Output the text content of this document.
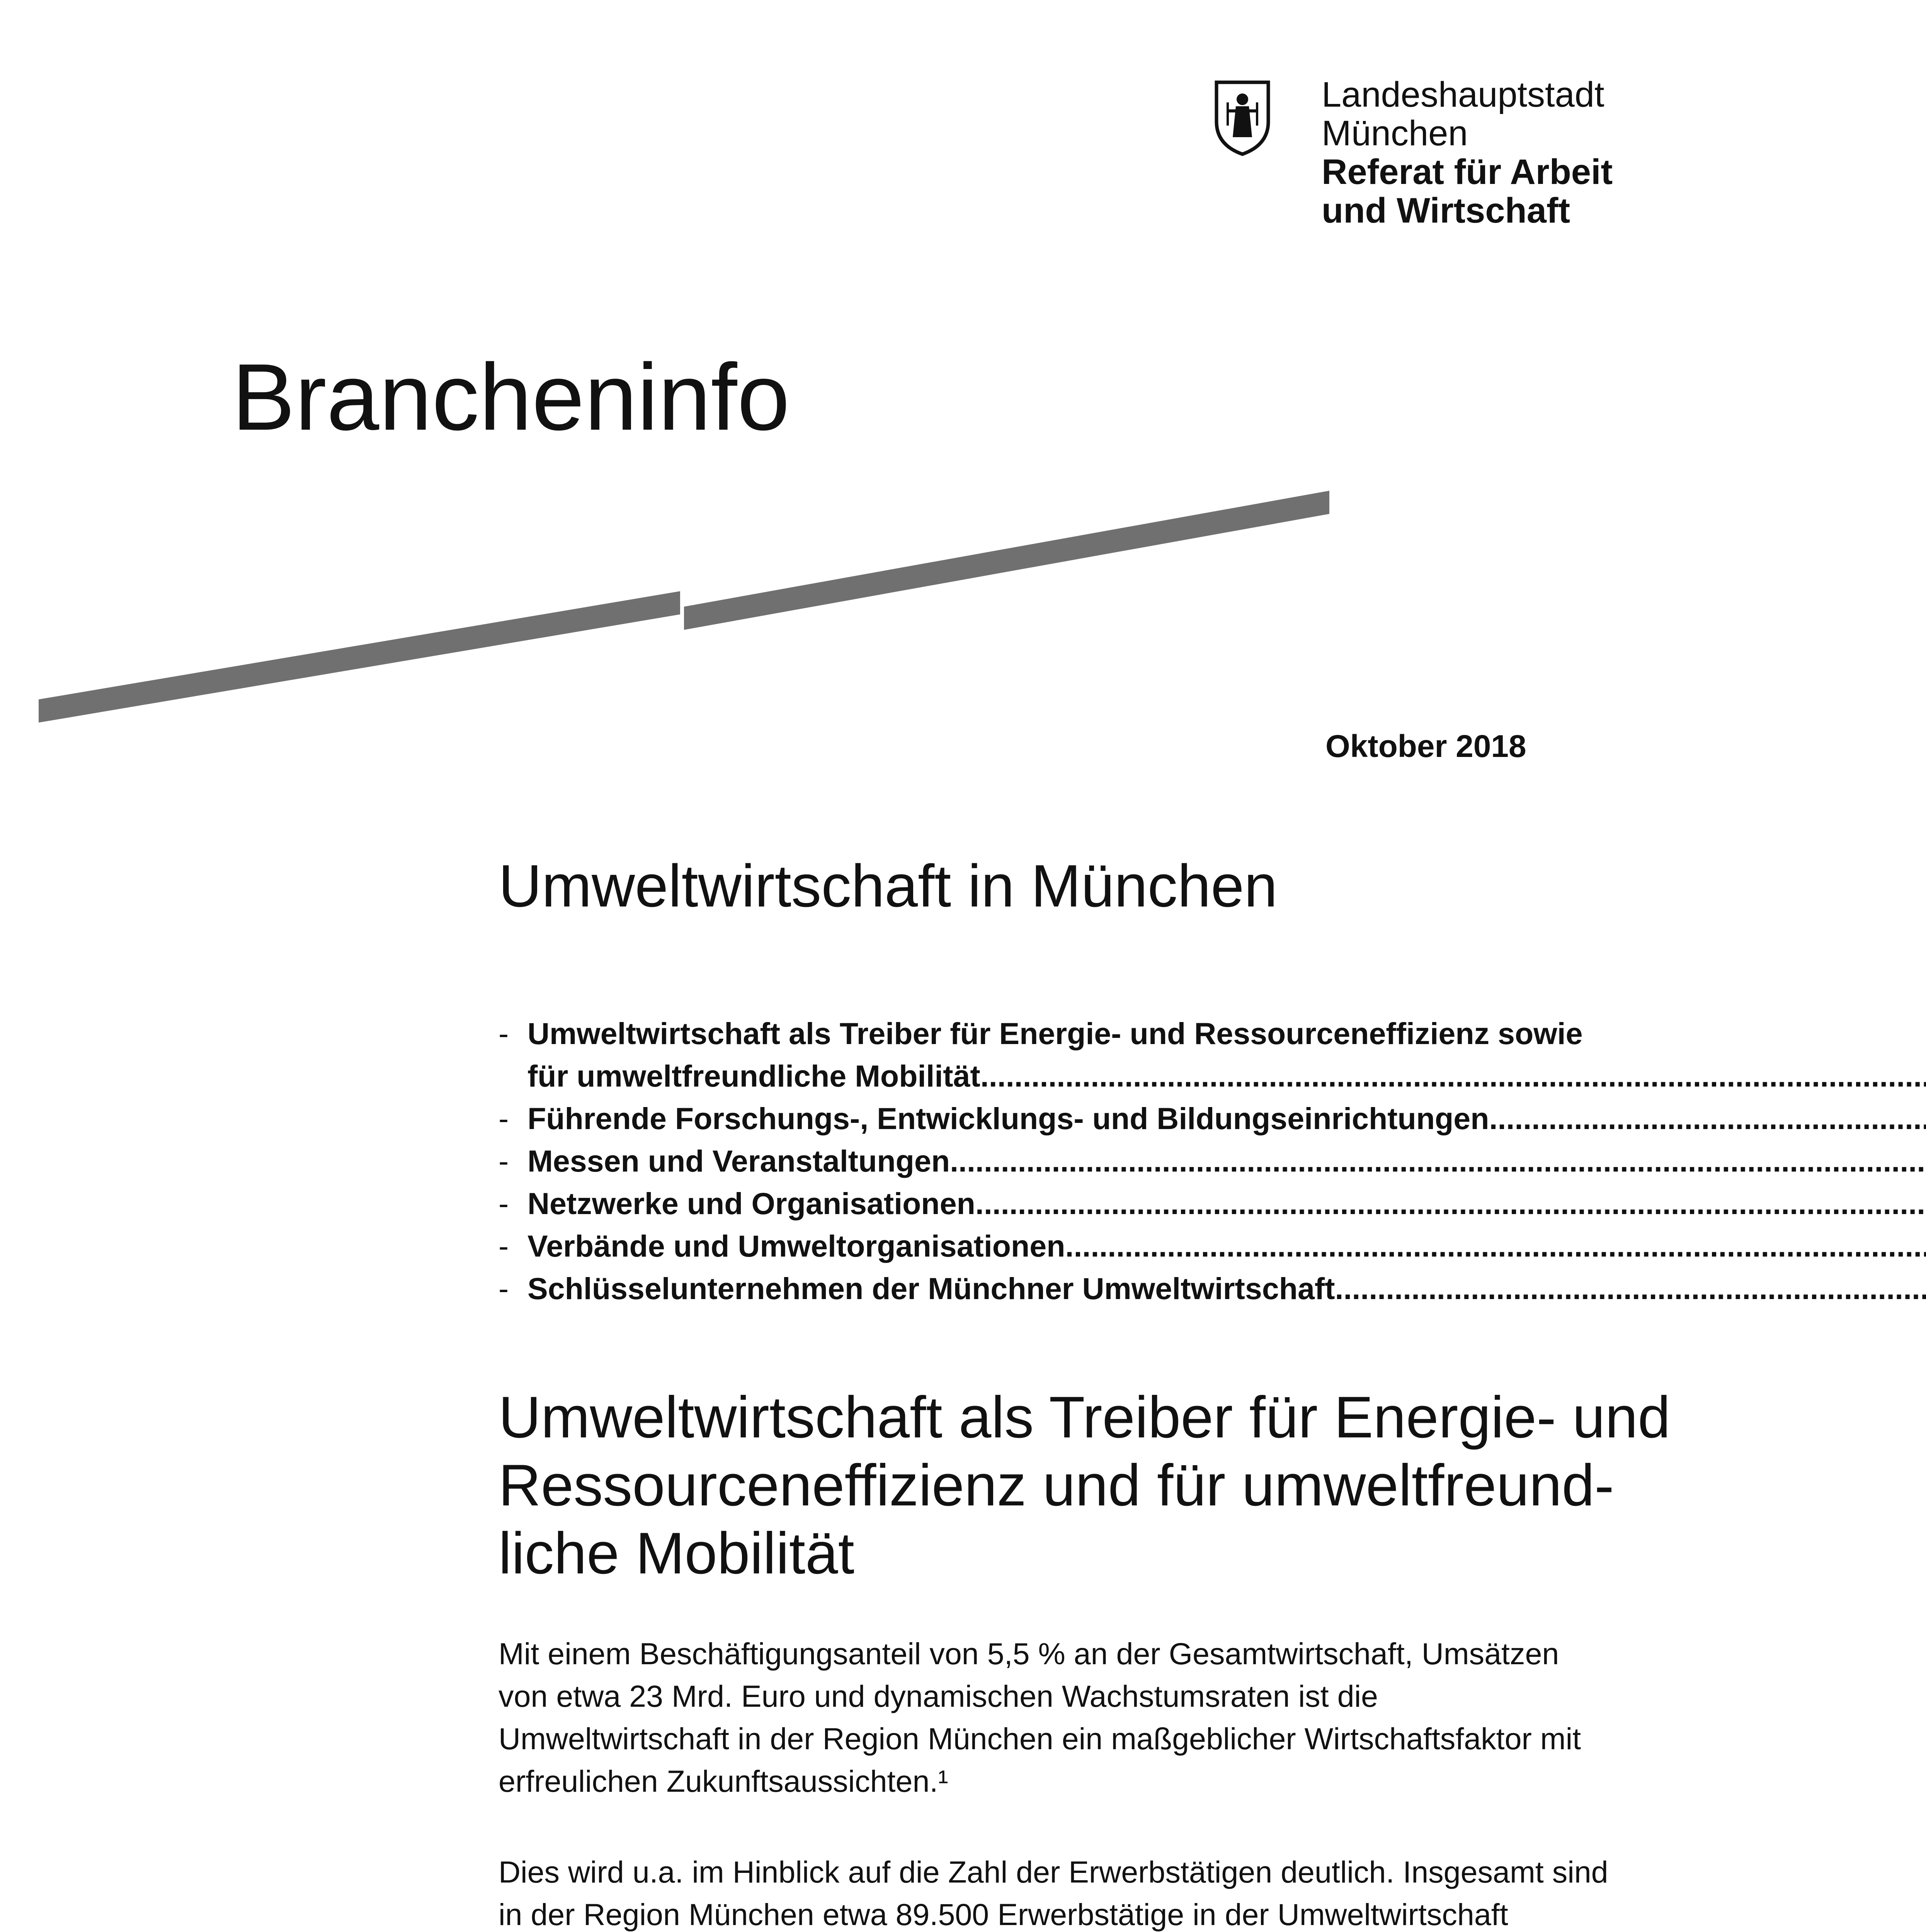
Landeshauptstadt
München
Referat für Arbeit
und Wirtschaft
Brancheninfo
Oktober 2018
Umweltwirtschaft in München
- Umweltwirtschaft als Treiber für Energie- und Ressourceneffizienz sowie
für umweltfreundliche Mobilität
.....
- Führende Forschungs-, Entwicklungs- und Bildungseinrichtungen
.....
- Messen und Veranstaltungen
.....
- Netzwerke und Organisationen
.....
- Verbände und Umweltorganisationen
.....
- Schlüsselunternehmen der Münchner Umweltwirtschaft
.....
Umweltwirtschaft als Treiber für Energie- und
Ressourceneffizienz und für umweltfreund-
liche Mobilität
Mit einem Beschäftigungsanteil von 5,5 % an der Gesamtwirtschaft, Umsätzen
von etwa 23 Mrd. Euro und dynamischen Wachstumsraten ist die
Umweltwirtschaft in der Region München ein maßgeblicher Wirtschaftsfaktor mit
erfreulichen Zukunftsaussichten.¹
Dies wird u.a. im Hinblick auf die Zahl der Erwerbstätigen deutlich. Insgesamt sind
in der Region München etwa 89.500 Erwerbstätige in der Umweltwirtschaft
